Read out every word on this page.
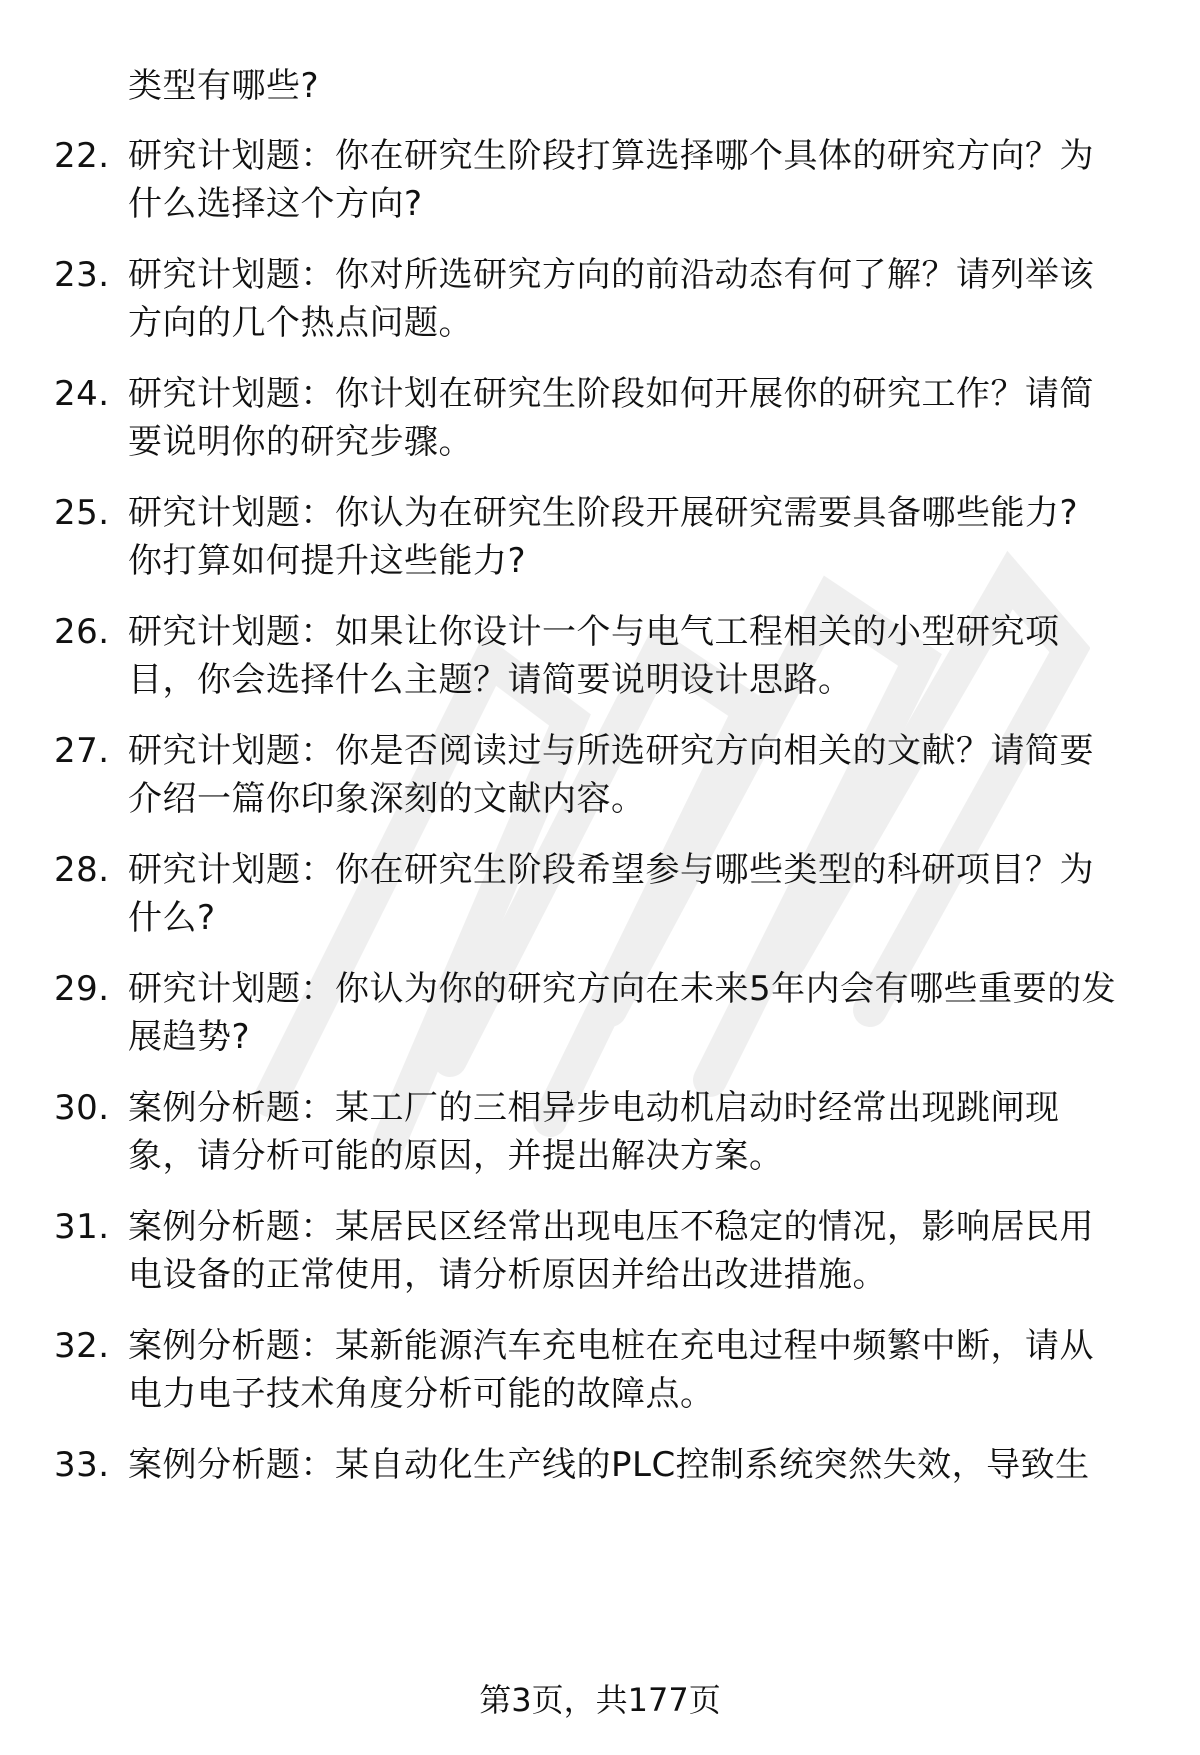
类型有哪些?
22. 研究计划题：你在研究生阶段打算选择哪个具体的研究方向？为
什么选择这个方向?
23. 研究计划题：你对所选研究方向的前沿动态有何了解？请列举该
方向的几个热点问题。
24. 研究计划题：你计划在研究生阶段如何开展你的研究工作？请简
要说明你的研究步骤。
25. 研究计划题：你认为在研究生阶段开展研究需要具备哪些能力?
你打算如何提升这些能力?
26. 研究计划题：如果让你设计一个与电气工程相关的小型研究项
目，你会选择什么主题？请简要说明设计思路。
27. 研究计划题：你是否阅读过与所选研究方向相关的文献？请简要
介绍一篇你印象深刻的文献内容。
28. 研究计划题：你在研究生阶段希望参与哪些类型的科研项目？为
什么?
29. 研究计划题：你认为你的研究方向在未来5年内会有哪些重要的发
展趋势?
30. 案例分析题：某工厂的三相异步电动机启动时经常出现跳闸现
象，请分析可能的原因，并提出解决方案。
31. 案例分析题：某居民区经常出现电压不稳定的情况，影响居民用
电设备的正常使用，请分析原因并给出改进措施。
32. 案例分析题：某新能源汽车充电桩在充电过程中频繁中断，请从
电力电子技术角度分析可能的故障点。
33. 案例分析题：某自动化生产线的PLC控制系统突然失效，导致生
第3页，共177页
